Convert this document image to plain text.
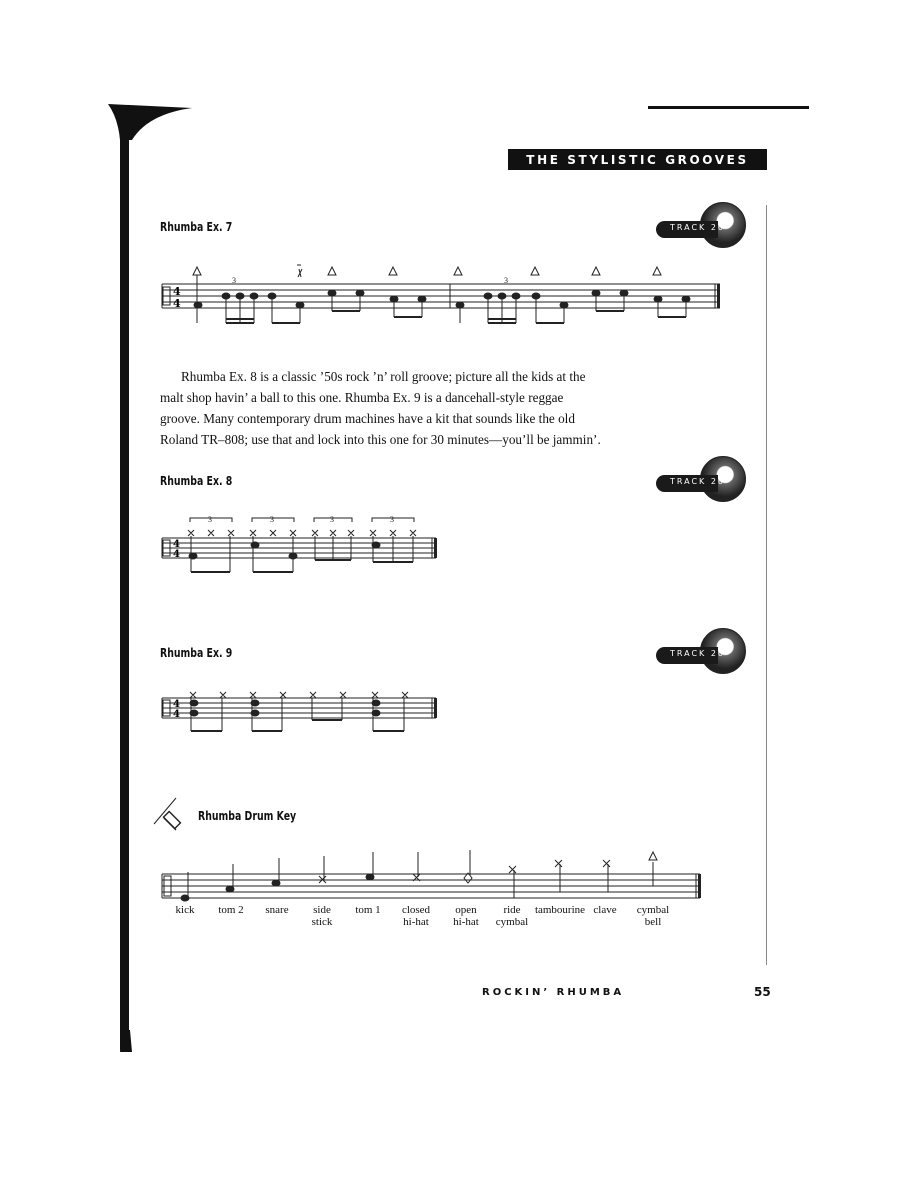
THE STYLISTIC GROOVES
Rhumba Ex. 7	TRACK 20
4
4
3	3

Rhumba Ex. 8 is a classic ’50s rock ’n’ roll groove; picture all the kids at the malt shop havin’ a ball to this one. Rhumba Ex. 9 is a dancehall-style reggae groove. Many contemporary drum machines have a kit that sounds like the old Roland TR–808; use that and lock into this one for 30 minutes—you’ll be jammin’.

Rhumba Ex. 8	TRACK 20
4
4
3	3	3	3
Rhumba Ex. 9	TRACK 20
4
4
Rhumba Drum Key
kick	tom 2	snare	side
stick
tom 1	closed
hi-hat
open
hi-hat
ride
cymbal
tambourine clave	cymbal
bell
ROCKIN’ RHUMBA	55
